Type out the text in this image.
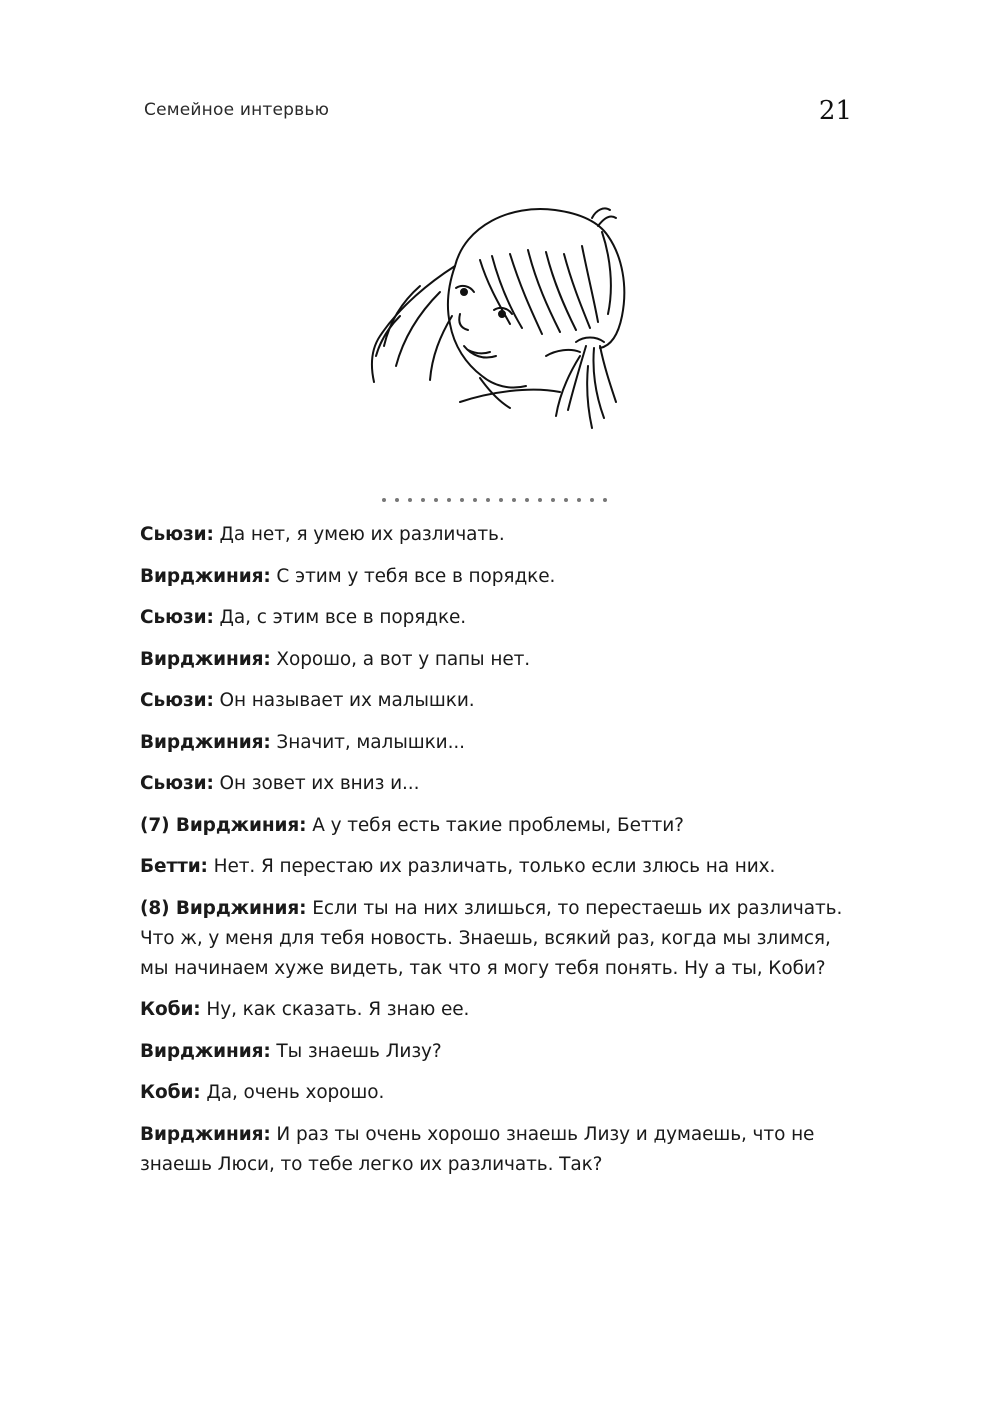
Семейное интервью	21

Сьюзи: Да нет, я умею их различать.

Вирджиния: С этим у тебя все в порядке.

Сьюзи: Да, с этим все в порядке.

Вирджиния: Хорошо, а вот у папы нет.

Сьюзи: Он называет их малышки.

Вирджиния: Значит, малышки...

Сьюзи: Он зовет их вниз и...

(7) Вирджиния: А у тебя есть такие проблемы, Бетти?

Бетти: Нет. Я перестаю их различать, только если злюсь на них.

(8) Вирджиния: Если ты на них злишься, то перестаешь их различать. Что ж, у меня для тебя новость. Знаешь, всякий раз, когда мы злимся, мы начинаем хуже видеть, так что я могу тебя понять. Ну а ты, Коби?

Коби: Ну, как сказать. Я знаю ее.

Вирджиния: Ты знаешь Лизу?

Коби: Да, очень хорошо.

Вирджиния: И раз ты очень хорошо знаешь Лизу и думаешь, что не знаешь Люси, то тебе легко их различать. Так?
